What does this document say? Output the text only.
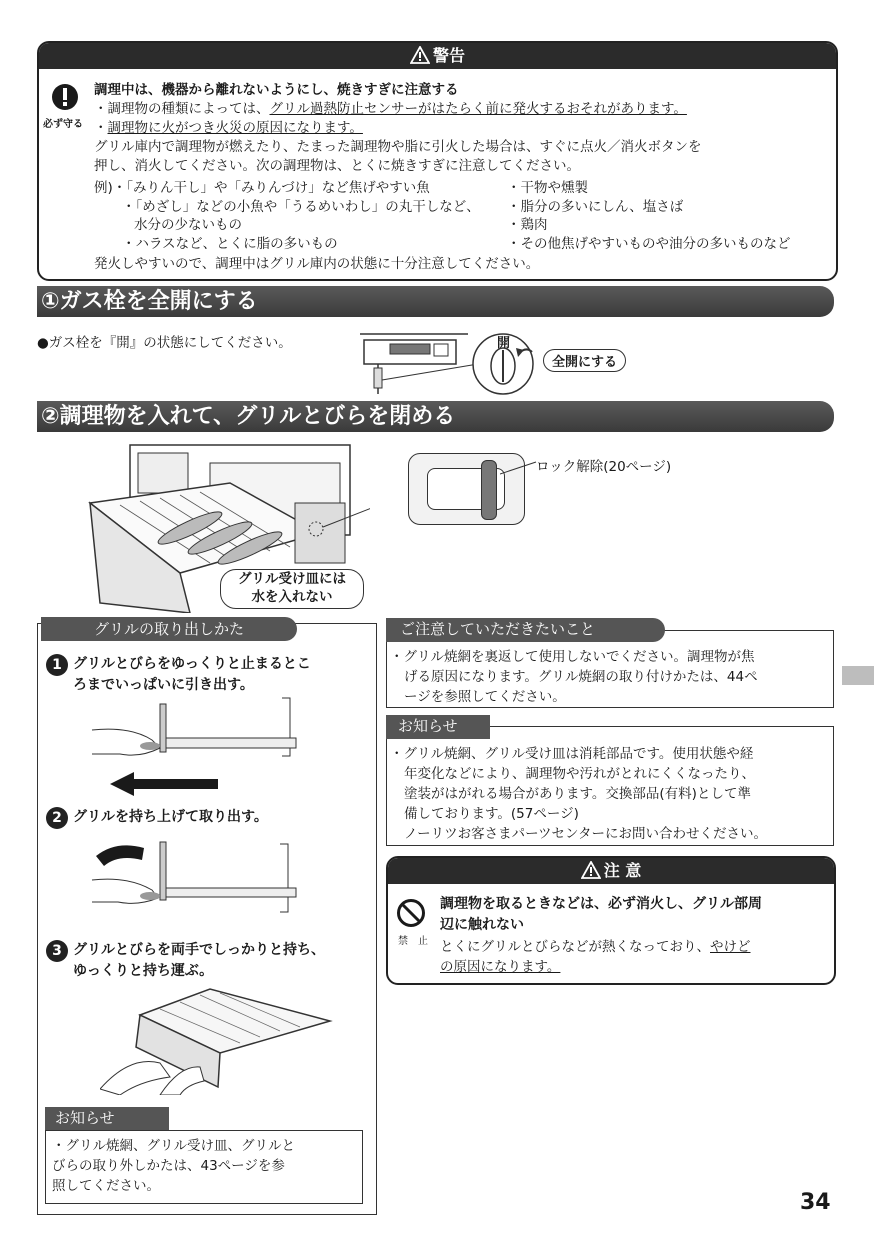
警告
必ず守る
調理中は、機器から離れないようにし、焼きすぎに注意する
・調理物の種類によっては、グリル過熱防止センサーがはたらく前に発火するおそれがあります。
・調理物に火がつき火災の原因になります。
グリル庫内で調理物が燃えたり、たまった調理物や脂に引火した場合は、すぐに点火／消火ボタンを
押し、消火してください。次の調理物は、とくに焼きすぎに注意してください。
例)・「みりん干し」や「みりんづけ」など焦げやすい魚
・「めざし」などの小魚や「うるめいわし」の丸干しなど、
水分の少ないもの
・ハラスなど、とくに脂の多いもの
・干物や燻製
・脂分の多いにしん、塩さば
・鶏肉
・その他焦げやすいものや油分の多いものなど
発火しやすいので、調理中はグリル庫内の状態に十分注意してください。
①ガス栓を全開にする
●ガス栓を『開』の状態にしてください。	開
全開にする
②調理物を入れて、グリルとびらを閉める
ロック解除(20ページ)
グリル受け皿には
水を入れない
グリルの取り出しかた
1 グリルとびらをゆっくりと止まるとこ
ろまでいっぱいに引き出す。
2 グリルを持ち上げて取り出す。
3 グリルとびらを両手でしっかりと持ち、
ゆっくりと持ち運ぶ。
お知らせ
・グリル焼網、グリル受け皿、グリルと
びらの取り外しかたは、43ページを参
照してください。
ご注意していただきたいこと
・グリル焼網を裏返して使用しないでください。調理物が焦
げる原因になります。グリル焼網の取り付けかたは、44ペ
ージを参照してください。
お知らせ
・グリル焼網、グリル受け皿は消耗部品です。使用状態や経
年変化などにより、調理物や汚れがとれにくくなったり、
塗装がはがれる場合があります。交換部品(有料)として準
備しております。(57ページ)
ノーリツお客さまパーツセンターにお問い合わせください。
注 意
禁　止
調理物を取るときなどは、必ず消火し、グリル部周
辺に触れない
とくにグリルとびらなどが熱くなっており、やけど
の原因になります。
34
